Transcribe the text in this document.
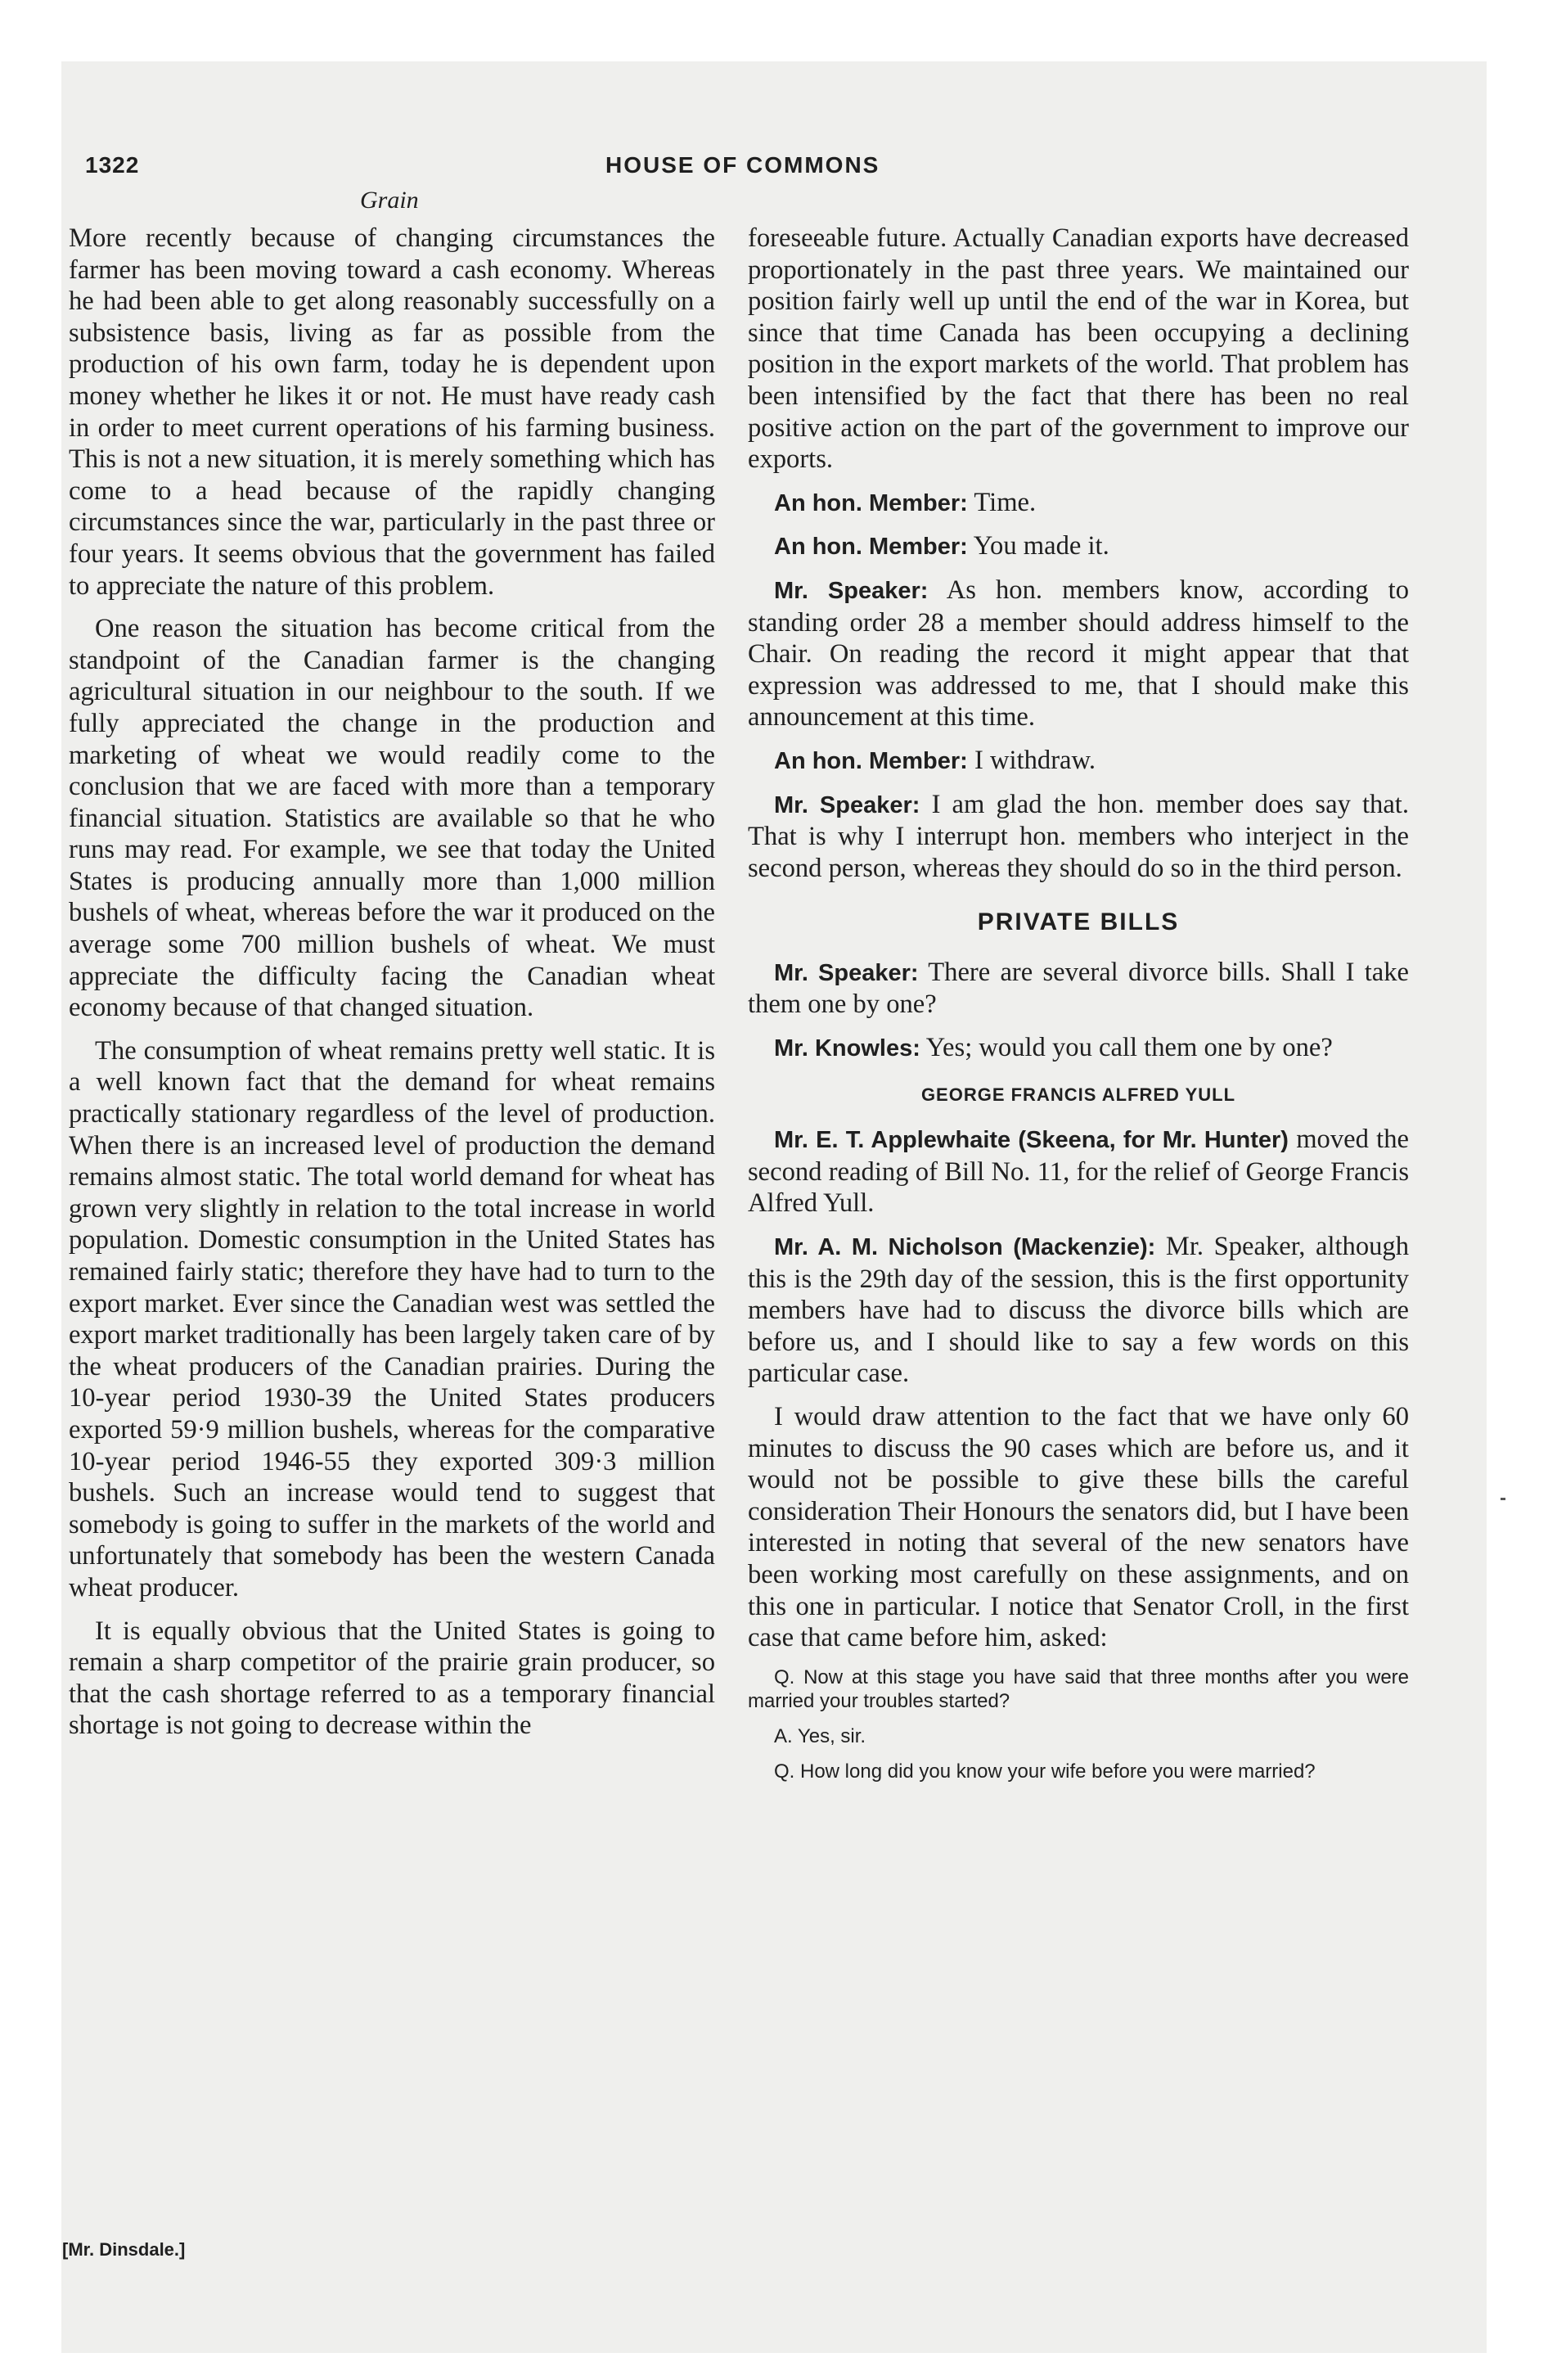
1322	HOUSE OF COMMONS
Grain

More recently because of changing circumstances the farmer has been moving toward a cash economy. Whereas he had been able to get along reasonably successfully on a subsistence basis, living as far as possible from the production of his own farm, today he is dependent upon money whether he likes it or not. He must have ready cash in order to meet current operations of his farming business. This is not a new situation, it is merely something which has come to a head because of the rapidly changing circumstances since the war, particularly in the past three or four years. It seems obvious that the government has failed to appreciate the nature of this problem.

One reason the situation has become critical from the standpoint of the Canadian farmer is the changing agricultural situation in our neighbour to the south. If we fully appreciated the change in the production and marketing of wheat we would readily come to the conclusion that we are faced with more than a temporary financial situation. Statistics are available so that he who runs may read. For example, we see that today the United States is producing annually more than 1,000 million bushels of wheat, whereas before the war it produced on the average some 700 million bushels of wheat. We must appreciate the difficulty facing the Canadian wheat economy because of that changed situation.

The consumption of wheat remains pretty well static. It is a well known fact that the demand for wheat remains practically stationary regardless of the level of production. When there is an increased level of production the demand remains almost static. The total world demand for wheat has grown very slightly in relation to the total increase in world population. Domestic consumption in the United States has remained fairly static; therefore they have had to turn to the export market. Ever since the Canadian west was settled the export market traditionally has been largely taken care of by the wheat producers of the Canadian prairies. During the 10-year period 1930-39 the United States producers exported 59·9 million bushels, whereas for the comparative 10-year period 1946-55 they exported 309·3 million bushels. Such an increase would tend to suggest that somebody is going to suffer in the markets of the world and unfortunately that somebody has been the western Canada wheat producer.

It is equally obvious that the United States is going to remain a sharp competitor of the prairie grain producer, so that the cash shortage referred to as a temporary financial shortage is not going to decrease within the

foreseeable future. Actually Canadian exports have decreased proportionately in the past three years. We maintained our position fairly well up until the end of the war in Korea, but since that time Canada has been occupying a declining position in the export markets of the world. That problem has been intensified by the fact that there has been no real positive action on the part of the government to improve our exports.

An hon. Member: Time.

An hon. Member: You made it.

Mr. Speaker: As hon. members know, according to standing order 28 a member should address himself to the Chair. On reading the record it might appear that that expression was addressed to me, that I should make this announcement at this time.

An hon. Member: I withdraw.

Mr. Speaker: I am glad the hon. member does say that. That is why I interrupt hon. members who interject in the second person, whereas they should do so in the third person.

PRIVATE BILLS

Mr. Speaker: There are several divorce bills. Shall I take them one by one?

Mr. Knowles: Yes; would you call them one by one?

GEORGE FRANCIS ALFRED YULL

Mr. E. T. Applewhaite (Skeena, for Mr. Hunter) moved the second reading of Bill No. 11, for the relief of George Francis Alfred Yull.

Mr. A. M. Nicholson (Mackenzie): Mr. Speaker, although this is the 29th day of the session, this is the first opportunity members have had to discuss the divorce bills which are before us, and I should like to say a few words on this particular case.

I would draw attention to the fact that we have only 60 minutes to discuss the 90 cases which are before us, and it would not be possible to give these bills the careful consideration Their Honours the senators did, but I have been interested in noting that several of the new senators have been working most carefully on these assignments, and on this one in particular. I notice that Senator Croll, in the first case that came before him, asked:

Q. Now at this stage you have said that three months after you were married your troubles started?

A. Yes, sir.

Q. How long did you know your wife before you were married?

[Mr. Dinsdale.]
